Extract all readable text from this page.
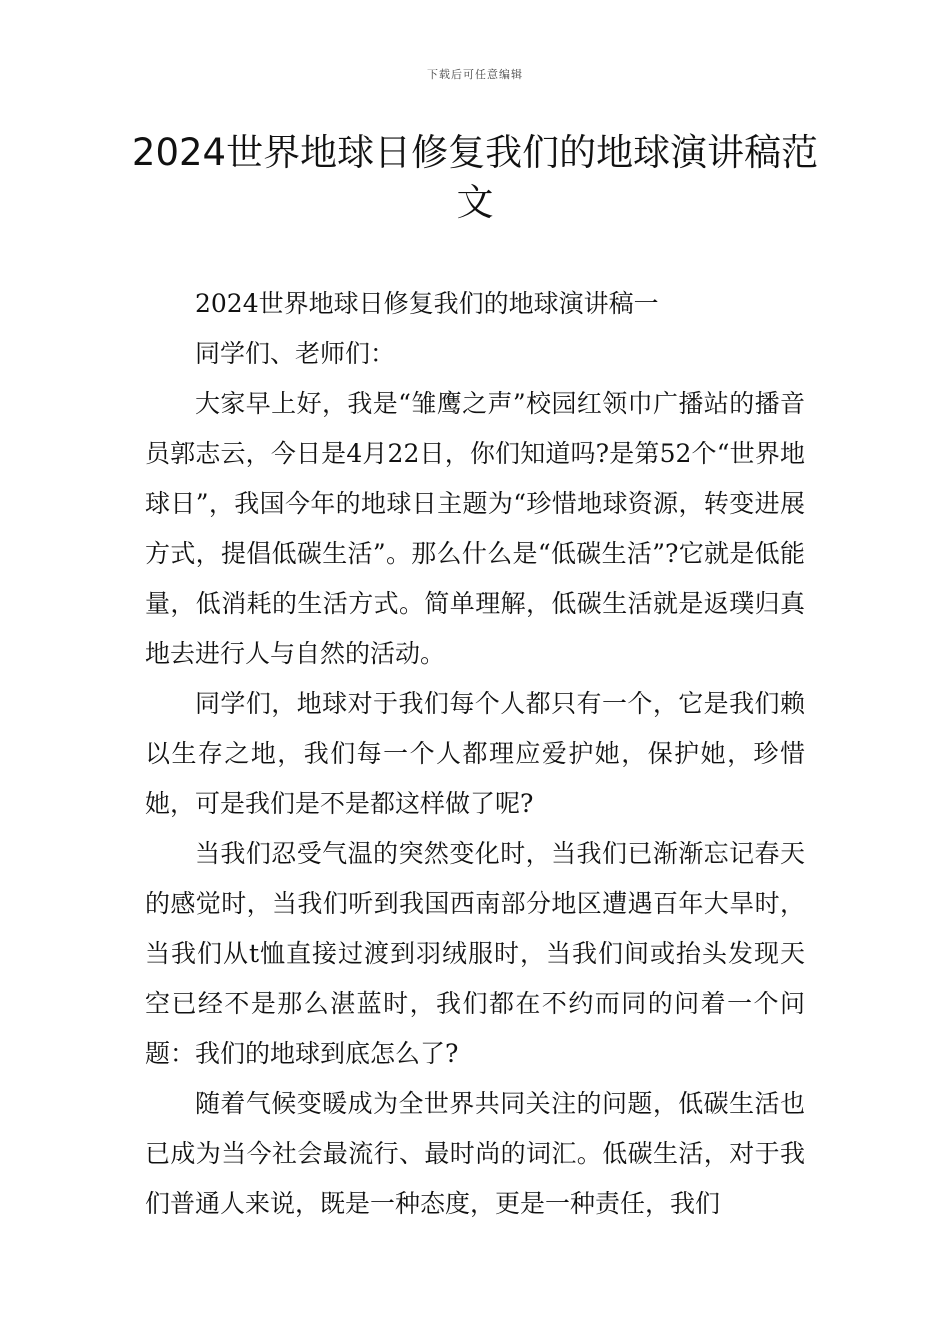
下载后可任意编辑
2024世界地球日修复我们的地球演讲稿范文

2024世界地球日修复我们的地球演讲稿一

同学们、老师们：

大家早上好，我是“雏鹰之声”校园红领巾广播站的播音员郭志云，今日是4月22日，你们知道吗?是第52个“世界地球日”，我国今年的地球日主题为“珍惜地球资源，转变进展方式，提倡低碳生活”。那么什么是“低碳生活”?它就是低能量，低消耗的生活方式。简单理解，低碳生活就是返璞归真地去进行人与自然的活动。

同学们，地球对于我们每个人都只有一个，它是我们赖以生存之地，我们每一个人都理应爱护她，保护她，珍惜她，可是我们是不是都这样做了呢?

当我们忍受气温的突然变化时，当我们已渐渐忘记春天的感觉时，当我们听到我国西南部分地区遭遇百年大旱时，当我们从t恤直接过渡到羽绒服时，当我们间或抬头发现天空已经不是那么湛蓝时，我们都在不约而同的问着一个问题：我们的地球到底怎么了?

随着气候变暖成为全世界共同关注的问题，低碳生活也已成为当今社会最流行、最时尚的词汇。低碳生活，对于我们普通人来说，既是一种态度，更是一种责任，我们
